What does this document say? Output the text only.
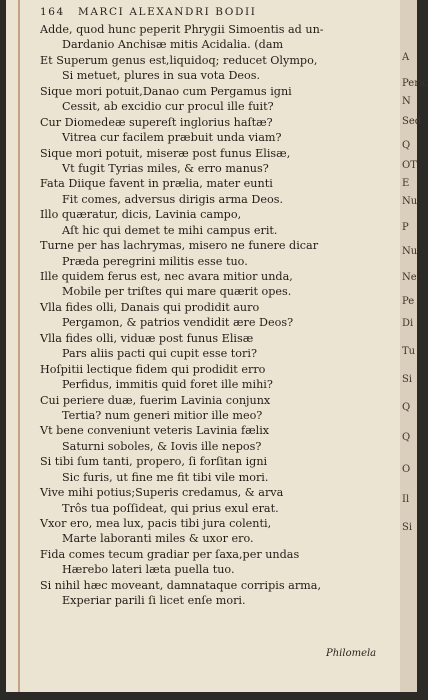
164 MARCI ALEXANDRI BODII
Adde, quod hunc peperit Phrygii Simoentis ad un-
Dardanio Anchisæ mitis Acidalia. (dam
Et Superum genus est,liquidoq; reducet Olympo,
Si metuet, plures in sua vota Deos.
Sique mori potuit,Danao cum Pergamus igni
Cessit, ab excidio cur procul ille fuit?
Cur Diomedeæ supereſt inglorius haſtæ?
Vitrea cur facilem præbuit unda viam?
Sique mori potuit, miseræ post funus Elisæ,
Vt fugit Tyrias miles, & erro manus?
Fata Diique favent in prælia, mater eunti
Fit comes, adversus dirigis arma Deos.
Illo quæratur, dicis, Lavinia campo,
Aſt hic qui demet te mihi campus erit.
Turne per has lachrymas, misero ne funere dicar
Præda peregrini militis esse tuo.
Ille quidem ferus est, nec avara mitior unda,
Mobile per triſtes qui mare quærit opes.
Vlla fides olli, Danais qui prodidit auro
Pergamon, & patrios vendidit ære Deos?
Vlla fides olli, viduæ post funus Elisæ
Pars aliis pacti qui cupit esse tori?
Hoſpitii lectique fidem qui prodidit erro
Perfidus, immitis quid foret ille mihi?
Cui periere duæ, fuerim Lavinia conjunx
Tertia? num generi mitior ille meo?
Vt bene conveniunt veteris Lavinia fælix
Saturni soboles, & Iovis ille nepos?
Si tibi ſum tanti, propero, ſi forſitan igni
Sic furis, ut fine me fit tibi vile mori.
Vive mihi potius;Superis credamus, & arva
Trôs tua poſſideat, qui prius exul erat.
Vxor ero, mea lux, pacis tibi jura colenti,
Marte laboranti miles & uxor ero.
Fida comes tecum gradiar per ſaxa,per undas
Hærebo lateri læta puella tuo.
Si nihil hæc moveant, damnataque corripis arma,
Experiar parili ſi licet enſe mori.
Philomela
A
Peric
N
Sed
Q
OT
E
Nu
P
Nu
Ne
Pe
Di
Tu
Si
Q
Q
O
Il
Si
